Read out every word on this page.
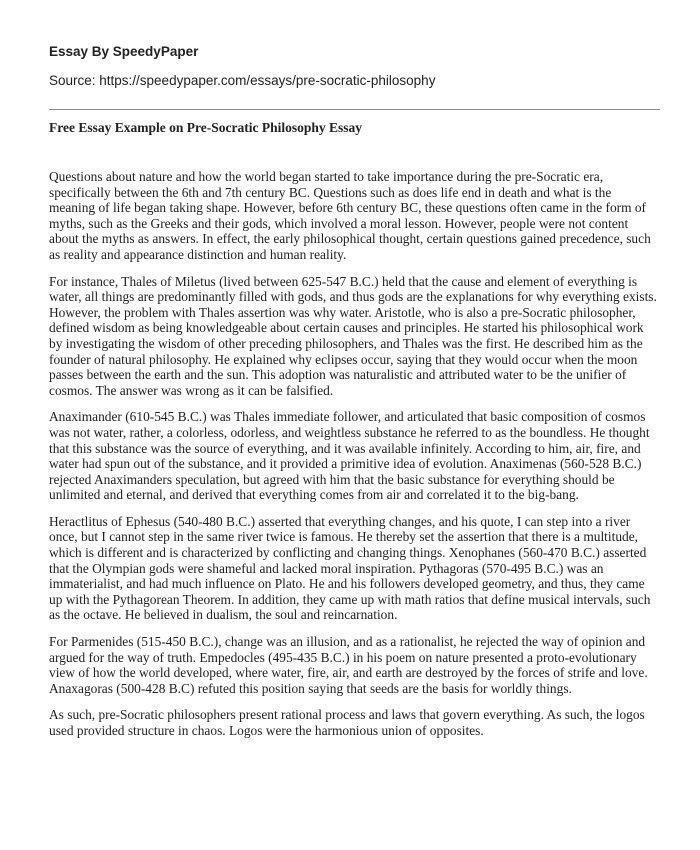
Essay By SpeedyPaper
Source: https://speedypaper.com/essays/pre-socratic-philosophy
Free Essay Example on Pre-Socratic Philosophy Essay

Questions about nature and how the world began started to take importance during the pre-Socratic era, specifically between the 6th and 7th century BC. Questions such as does life end in death and what is the meaning of life began taking shape. However, before 6th century BC, these questions often came in the form of myths, such as the Greeks and their gods, which involved a moral lesson. However, people were not content about the myths as answers. In effect, the early philosophical thought, certain questions gained precedence, such as reality and appearance distinction and human reality.

For instance, Thales of Miletus (lived between 625-547 B.C.) held that the cause and element of everything is water, all things are predominantly filled with gods, and thus gods are the explanations for why everything exists. However, the problem with Thales assertion was why water. Aristotle, who is also a pre-Socratic philosopher, defined wisdom as being knowledgeable about certain causes and principles. He started his philosophical work by investigating the wisdom of other preceding philosophers, and Thales was the first. He described him as the founder of natural philosophy. He explained why eclipses occur, saying that they would occur when the moon passes between the earth and the sun. This adoption was naturalistic and attributed water to be the unifier of cosmos. The answer was wrong as it can be falsified.

Anaximander (610-545 B.C.) was Thales immediate follower, and articulated that basic composition of cosmos was not water, rather, a colorless, odorless, and weightless substance he referred to as the boundless. He thought that this substance was the source of everything, and it was available infinitely. According to him, air, fire, and water had spun out of the substance, and it provided a primitive idea of evolution. Anaximenas (560-528 B.C.) rejected Anaximanders speculation, but agreed with him that the basic substance for everything should be unlimited and eternal, and derived that everything comes from air and correlated it to the big-bang.

Heractlitus of Ephesus (540-480 B.C.) asserted that everything changes, and his quote, I can step into a river once, but I cannot step in the same river twice is famous. He thereby set the assertion that there is a multitude, which is different and is characterized by conflicting and changing things. Xenophanes (560-470 B.C.) asserted that the Olympian gods were shameful and lacked moral inspiration. Pythagoras (570-495 B.C.) was an immaterialist, and had much influence on Plato. He and his followers developed geometry, and thus, they came up with the Pythagorean Theorem. In addition, they came up with math ratios that define musical intervals, such as the octave. He believed in dualism, the soul and reincarnation.

For Parmenides (515-450 B.C.), change was an illusion, and as a rationalist, he rejected the way of opinion and argued for the way of truth. Empedocles (495-435 B.C.) in his poem on nature presented a proto-evolutionary view of how the world developed, where water, fire, air, and earth are destroyed by the forces of strife and love. Anaxagoras (500-428 B.C) refuted this position saying that seeds are the basis for worldly things.

As such, pre-Socratic philosophers present rational process and laws that govern everything. As such, the logos used provided structure in chaos. Logos were the harmonious union of opposites.
